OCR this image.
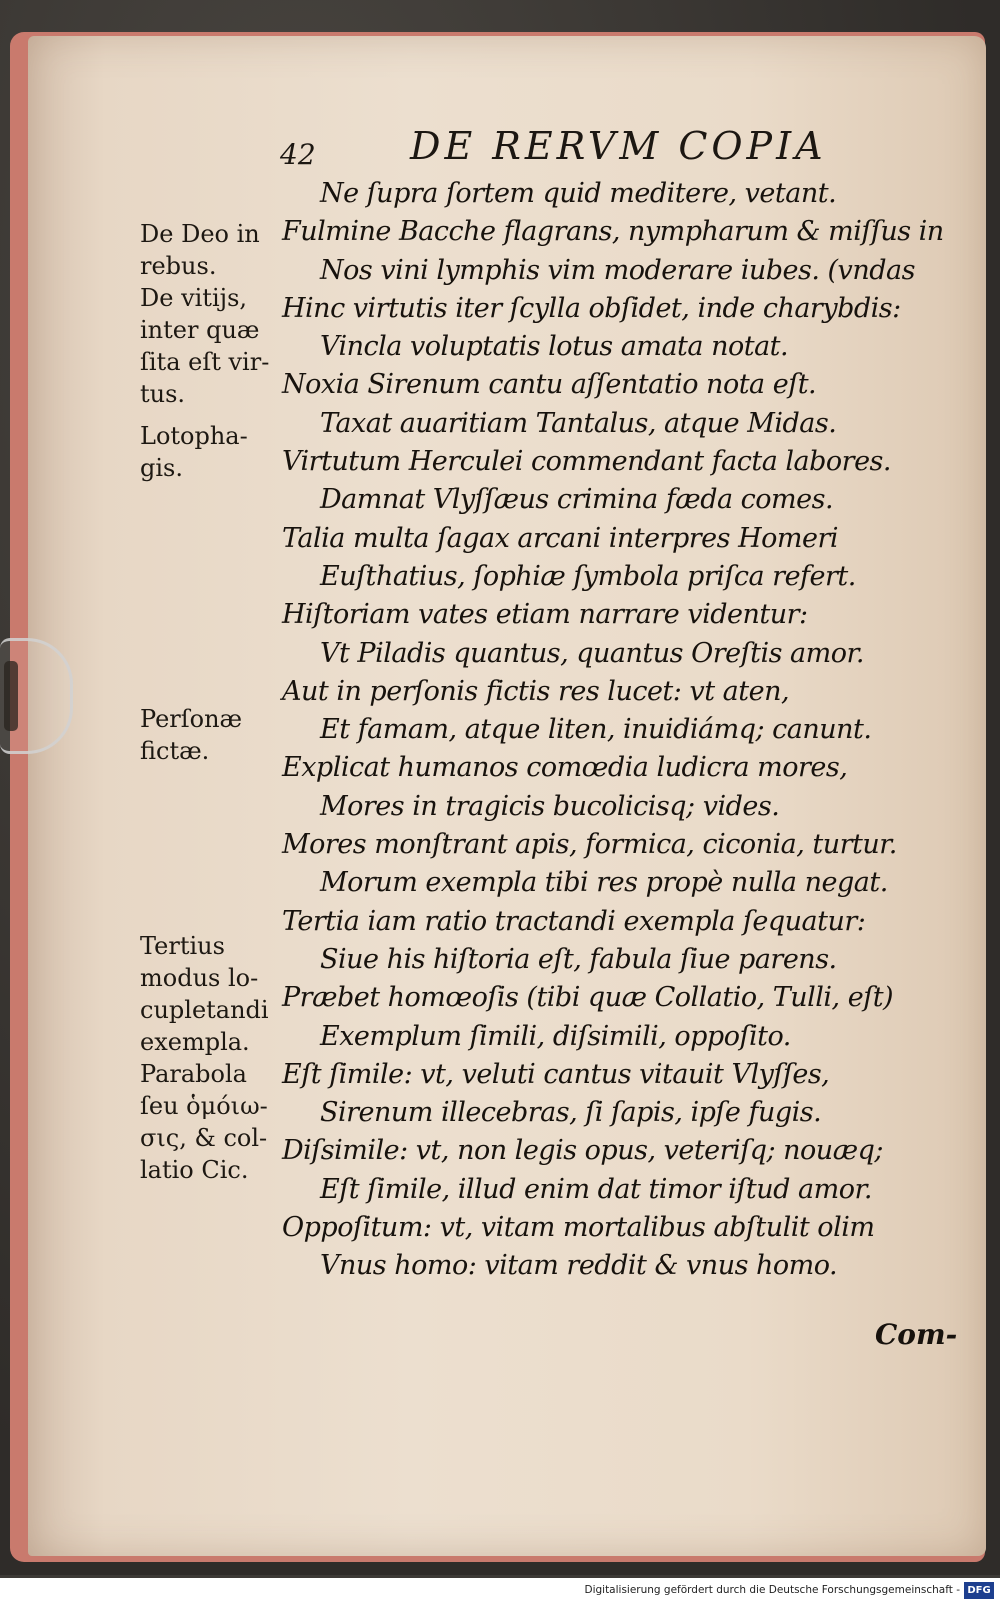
42 DE RERVM COPIA
Ne ſupra ſortem quid meditere, vetant.
Fulmine Bacche flagrans, nympharum & miſſus in
Nos vini lymphis vim moderare iubes. (vndas
Hinc virtutis iter ſcylla obſidet, inde charybdis:
Vincla voluptatis lotus amata notat.
Noxia Sirenum cantu aſſentatio nota eſt.
Taxat auaritiam Tantalus, atque Midas.
Virtutum Herculei commendant facta labores.
Damnat Vlyſſæus crimina fæda comes.
Talia multa ſagax arcani interpres Homeri
Euſthatius, ſophiæ ſymbola priſca refert.
Hiſtoriam vates etiam narrare videntur:
Vt Piladis quantus, quantus Oreſtis amor.
Aut in perſonis fictis res lucet: vt aten,
Et famam, atque liten, inuidiámq; canunt.
Explicat humanos comœdia ludicra mores,
Mores in tragicis bucolicisq; vides.
Mores monſtrant apis, formica, ciconia, turtur.
Morum exempla tibi res propè nulla negat.
Tertia iam ratio tractandi exempla ſequatur:
Siue his hiſtoria eſt, fabula ſiue parens.
Præbet homœoſis (tibi quæ Collatio, Tulli, eſt)
Exemplum ſimili, diſsimili, oppoſito.
Eſt ſimile: vt, veluti cantus vitauit Vlyſſes,
Sirenum illecebras, ſi ſapis, ipſe fugis.
Diſsimile: vt, non legis opus, veteriſq; nouæq;
Eſt ſimile, illud enim dat timor iſtud amor.
Oppoſitum: vt, vitam mortalibus abſtulit olim
Vnus homo: vitam reddit & vnus homo.
De Deo in
rebus.
De vitijs,
inter quæ
ſita eſt vir-
tus.
Lotopha-
gis.
Perſonæ
fictæ.
Tertius
modus lo-
cupletandi
exempla.
Parabola
ſeu ὁμόιω-
σις, & col-
latio Cic.
Com-
Digitalisierung gefördert durch die Deutsche Forschungsgemeinschaft - DFG
